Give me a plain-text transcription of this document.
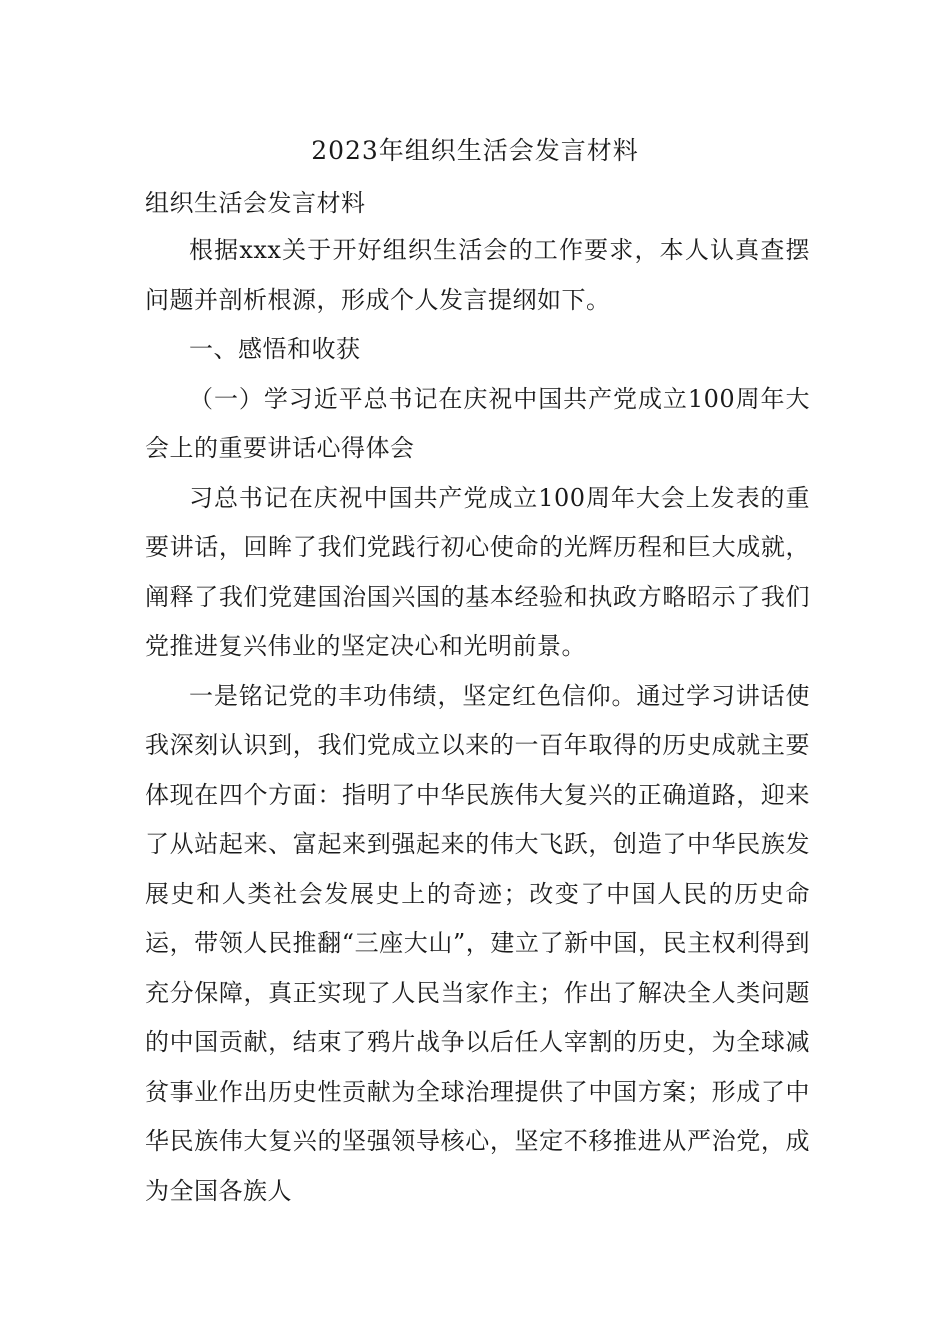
2023年组织生活会发言材料
组织生活会发言材料

根据xxx关于开好组织生活会的工作要求，本人认真查摆问题并剖析根源，形成个人发言提纲如下。

一、感悟和收获

（一）学习近平总书记在庆祝中国共产党成立100周年大会上的重要讲话心得体会

习总书记在庆祝中国共产党成立100周年大会上发表的重要讲话，回眸了我们党践行初心使命的光辉历程和巨大成就，阐释了我们党建国治国兴国的基本经验和执政方略昭示了我们党推进复兴伟业的坚定决心和光明前景。

一是铭记党的丰功伟绩，坚定红色信仰。通过学习讲话使我深刻认识到，我们党成立以来的一百年取得的历史成就主要体现在四个方面：指明了中华民族伟大复兴的正确道路，迎来了从站起来、富起来到强起来的伟大飞跃，创造了中华民族发展史和人类社会发展史上的奇迹；改变了中国人民的历史命运，带领人民推翻“三座大山”，建立了新中国，民主权利得到充分保障，真正实现了人民当家作主；作出了解决全人类问题的中国贡献，结束了鸦片战争以后任人宰割的历史，为全球减贫事业作出历史性贡献为全球治理提供了中国方案；形成了中华民族伟大复兴的坚强领导核心，坚定不移推进从严治党，成为全国各族人
